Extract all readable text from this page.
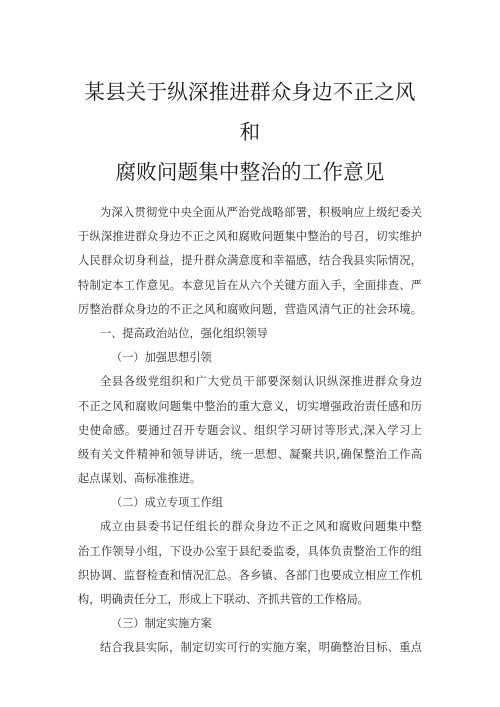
某县关于纵深推进群众身边不正之风和
腐败问题集中整治的工作意见
为深入贯彻党中央全面从严治党战略部署，积极响应上级纪委关
于纵深推进群众身边不正之风和腐败问题集中整治的号召，切实维护
人民群众切身利益，提升群众满意度和幸福感，结合我县实际情况，
特制定本工作意见。本意见旨在从六个关键方面入手，全面排查、严
厉整治群众身边的不正之风和腐败问题，营造风清气正的社会环境。
一、提高政治站位，强化组织领导
（一）加强思想引领
全县各级党组织和广大党员干部要深刻认识纵深推进群众身边
不正之风和腐败问题集中整治的重大意义，切实增强政治责任感和历
史使命感。要通过召开专题会议、组织学习研讨等形式,深入学习上
级有关文件精神和领导讲话，统一思想、凝聚共识,确保整治工作高
起点谋划、高标准推进。
（二）成立专项工作组
成立由县委书记任组长的群众身边不正之风和腐败问题集中整
治工作领导小组，下设办公室于县纪委监委，具体负责整治工作的组
织协调、监督检查和情况汇总。各乡镇、各部门也要成立相应工作机
构，明确责任分工，形成上下联动、齐抓共管的工作格局。
（三）制定实施方案
结合我县实际，制定切实可行的实施方案，明确整治目标、重点
